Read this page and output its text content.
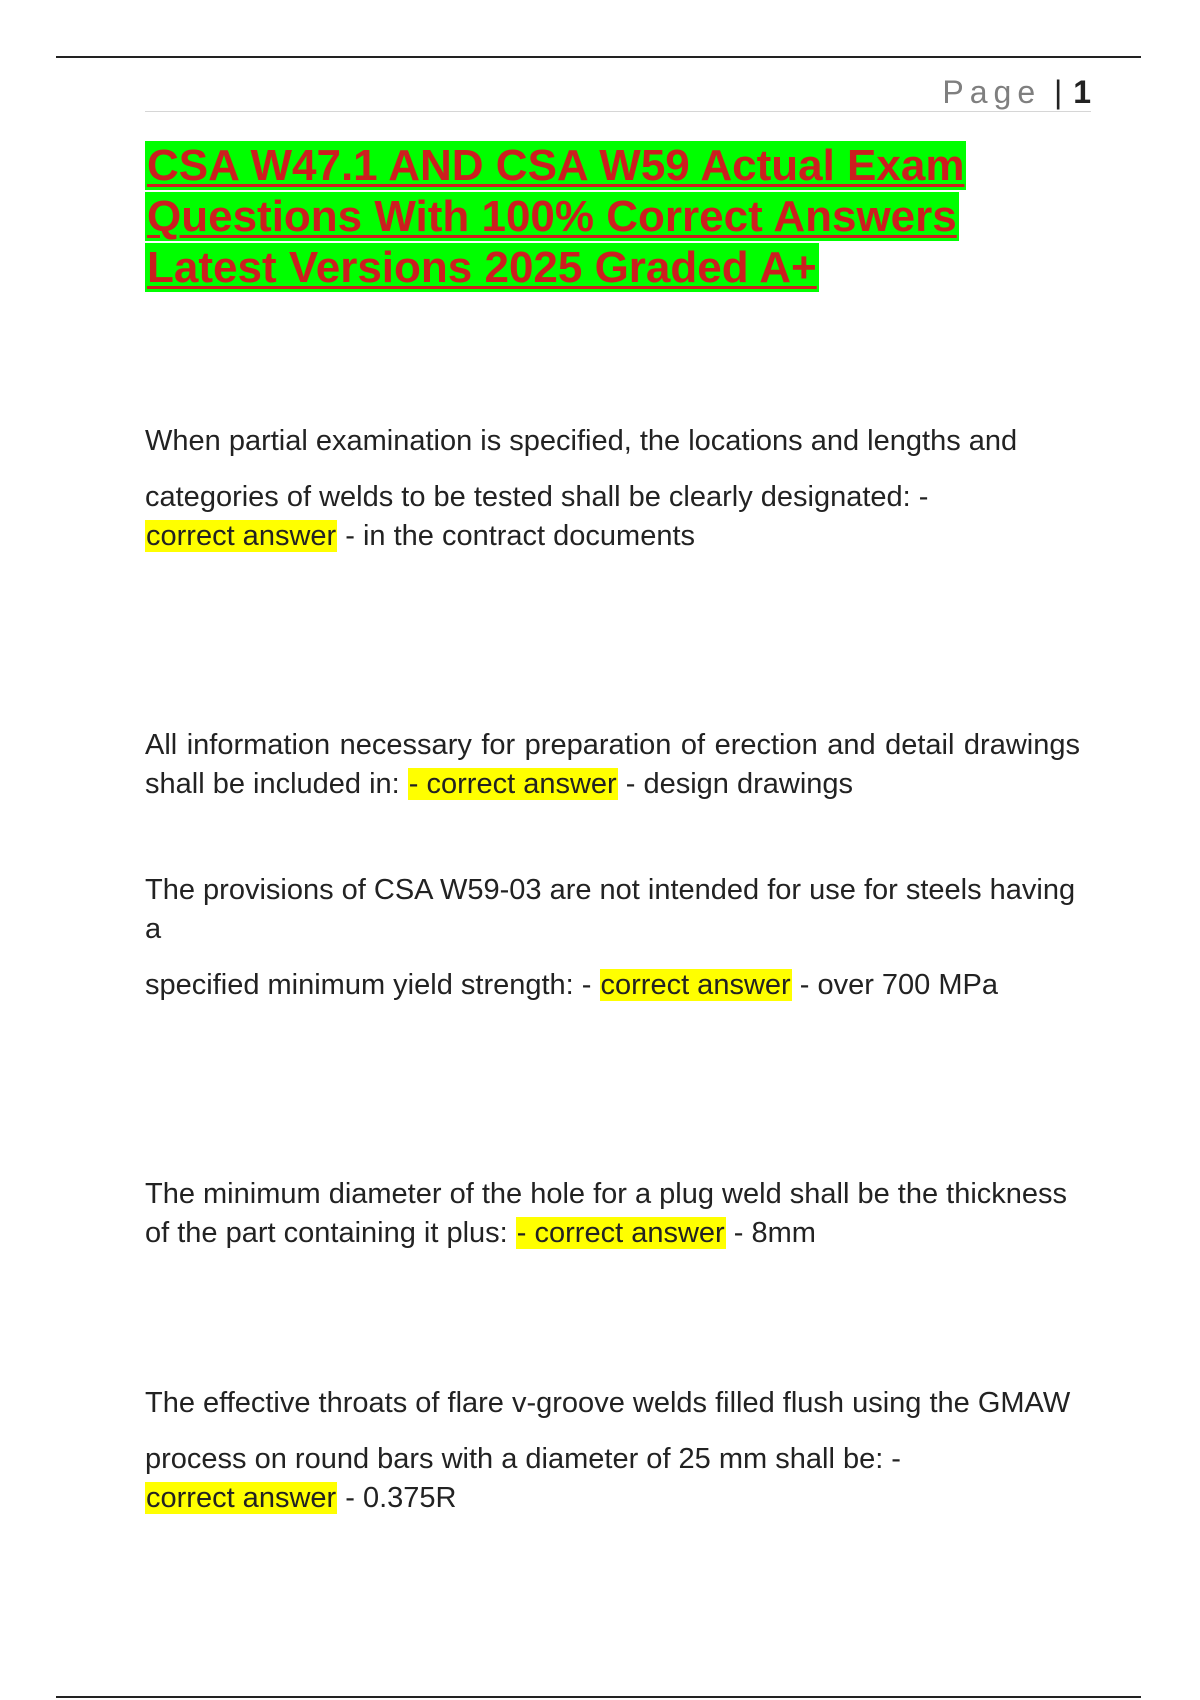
Page | 1
CSA W47.1 AND CSA W59 Actual Exam
Questions With 100% Correct Answers
Latest Versions 2025 Graded A+

When partial examination is specified, the locations and lengths and

categories of welds to be tested shall be clearly designated: -
correct answer - in the contract documents

All information necessary for preparation of erection and detail drawings shall be included in: - correct answer - design drawings

The provisions of CSA W59-03 are not intended for use for steels having a

specified minimum yield strength: - correct answer - over 700 MPa

The minimum diameter of the hole for a plug weld shall be the thickness of the part containing it plus: - correct answer - 8mm

The effective throats of flare v-groove welds filled flush using the GMAW

process on round bars with a diameter of 25 mm shall be: -
correct answer - 0.375R
